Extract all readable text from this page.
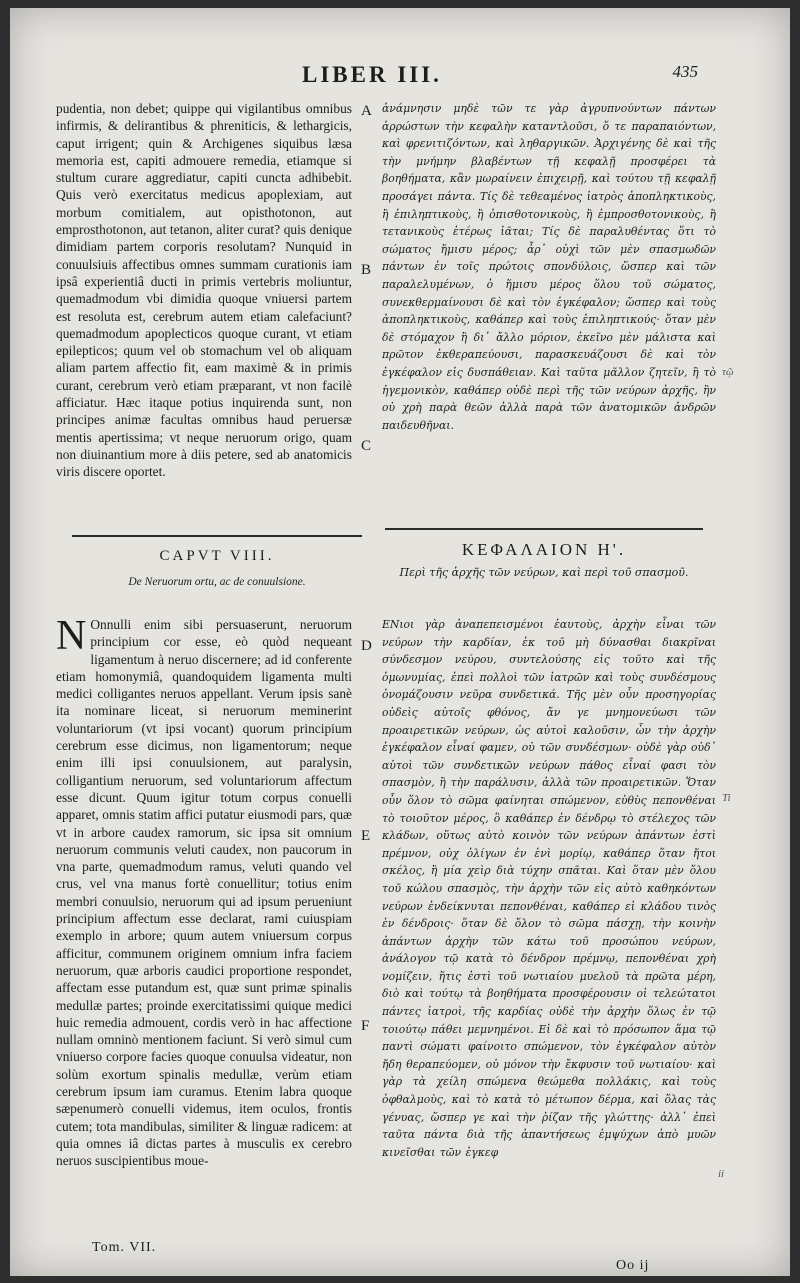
LIBER III.	435

pudentia, non debet; quippe qui vigilantibus omnibus infirmis, & delirantibus & phreniticis, & lethargicis, caput irrigent; quin & Archigenes siquibus læsa memoria est, capiti admouere remedia, etiamque si stultum curare aggrediatur, capiti cuncta adhibebit. Quis verò exercitatus medicus apoplexiam, aut morbum comitialem, aut opisthotonon, aut emprosthotonon, aut tetanon, aliter curat? quis denique dimidiam partem corporis resolutam? Nunquid in conuulsiuis affectibus omnes summam curationis iam ipsâ experientiâ ducti in primis vertebris moliuntur, quemadmodum vbi dimidia quoque vniuersi partem est resoluta est, cerebrum autem etiam calefaciunt? quemadmodum apoplecticos quoque curant, vt etiam epilepticos; quum vel ob stomachum vel ob aliquam aliam partem affectio fit, eam maximè & in primis curant, cerebrum verò etiam præparant, vt non facilè afficiatur. Hæc itaque potius inquirenda sunt, non principes animæ facultas omnibus haud peruersæ mentis apertissima; vt neque neruorum origo, quam non diuinantium more à diis petere, sed ab anatomicis viris discere oportet.

ἀνάμνησιν μηδὲ τῶν τε γὰρ ἀγρυπνούντων πάντων ἀρρώστων τὴν κεφαλὴν καταντλοῦσι, ὅ τε παραπαιόντων, καὶ φρενιτιζόντων, καὶ ληθαργικῶν. Ἀρχιγένης δὲ καὶ τῆς τὴν μνήμην βλαβέντων τῇ κεφαλῇ προσφέρει τὰ βοηθήματα, κἂν μωραίνειν ἐπιχειρῇ, καὶ τούτου τῇ κεφαλῇ προσάγει πάντα. Τίς δὲ τεθεαμένος ἰατρὸς ἀποπληκτικοὺς, ἢ ἐπιληπτικοὺς, ἢ ὀπισθοτονικοὺς, ἢ ἐμπροσθοτονικοὺς, ἢ τετανικοὺς ἑτέρως ἰᾶται; Τίς δὲ παραλυθέντας ὅτι τὸ σώματος ἥμισυ μέρος; ἆρ᾽ οὐχὶ τῶν μὲν σπασμωδῶν πάντων ἐν τοῖς πρώτοις σπονδύλοις, ὥσπερ καὶ τῶν παραλελυμένων, ὁ ἥμισυ μέρος ὅλου τοῦ σώματος, συνεκθερμαίνουσι δὲ καὶ τὸν ἐγκέφαλον; ὥσπερ καὶ τοὺς ἀποπληκτικοὺς, καθάπερ καὶ τοὺς ἐπιληπτικούς· ὅταν μὲν δὲ στόμαχον ἢ δι᾽ ἄλλο μόριον, ἐκεῖνο μὲν μάλιστα καὶ πρῶτον ἐκθεραπεύουσι, παρασκευάζουσι δὲ καὶ τὸν ἐγκέφαλον εἰς δυσπάθειαν. Καὶ ταῦτα μᾶλλον ζητεῖν, ἢ τὸ ἡγεμονικὸν, καθάπερ οὐδὲ περὶ τῆς τῶν νεύρων ἀρχῆς, ἣν οὐ χρὴ παρὰ θεῶν ἀλλὰ παρὰ τῶν ἀνατομικῶν ἀνδρῶν παιδευθῆναι.

A
B
C
D
E
F
τῷ
Ti
ii
CAPVT VIII.
De Neruorum ortu, ac de conuulsione.
ΚΕΦΑΛΑΙΟΝ Η'.
Περὶ τῆς ἀρχῆς τῶν νεύρων, καὶ περὶ τοῦ σπασμοῦ.

N Onnulli enim sibi persuaserunt, neruorum principium cor esse, eò quòd nequeant ligamentum à neruo discernere; ad id conferente etiam homonymiâ, quandoquidem ligamenta multi medici colligantes neruos appellant. Verum ipsis sanè ita nominare liceat, si neruorum meminerint voluntariorum (vt ipsi vocant) quorum principium cerebrum esse dicimus, non ligamentorum; neque enim illi ipsi conuulsionem, aut paralysin, colligantium neruorum, sed voluntariorum affectum esse dicunt. Quum igitur totum corpus conuelli apparet, omnis statim affici putatur eiusmodi pars, quæ vt in arbore caudex ramorum, sic ipsa sit omnium neruorum communis veluti caudex, non paucorum in vna parte, quemadmodum ramus, veluti quando vel crus, vel vna manus fortè conuellitur; totius enim membri conuulsio, neruorum qui ad ipsum perueniunt principium affectum esse declarat, rami cuiuspiam exemplo in arbore; quum autem vniuersum corpus afficitur, communem originem omnium infra faciem neruorum, quæ arboris caudici proportione respondet, affectam esse putandum est, quæ sunt primæ spinalis medullæ partes; proinde exercitatissimi quique medici huic remedia admouent, cordis verò in hac affectione nullam omninò mentionem faciunt. Si verò simul cum vniuerso corpore facies quoque conuulsa videatur, non solùm exortum spinalis medullæ, verùm etiam cerebrum ipsum iam curamus. Etenim labra quoque sæpenumerò conuelli videmus, item oculos, frontis cutem; tota mandibulas, similiter & linguæ radicem: at quia omnes iâ dictas partes à musculis ex cerebro neruos suscipientibus moue-

ΕΝιοι γὰρ ἀναπεπεισμένοι ἑαυτοὺς, ἀρχὴν εἶναι τῶν νεύρων τὴν καρδίαν, ἐκ τοῦ μὴ δύνασθαι διακρῖναι σύνδεσμον νεύρου, συντελούσης εἰς τοῦτο καὶ τῆς ὁμωνυμίας, ἐπεὶ πολλοὶ τῶν ἰατρῶν καὶ τοὺς συνδέσμους ὀνομάζουσιν νεῦρα συνδετικά. Τῆς μὲν οὖν προσηγορίας οὐδεὶς αὐτοῖς φθόνος, ἄν γε μνημονεύωσι τῶν προαιρετικῶν νεύρων, ὡς αὐτοὶ καλοῦσιν, ὧν τὴν ἀρχὴν ἐγκέφαλον εἶναί φαμεν, οὐ τῶν συνδέσμων· οὐδὲ γὰρ οὐδ᾽ αὐτοὶ τῶν συνδετικῶν νεύρων πάθος εἶναί φασι τὸν σπασμὸν, ἢ τὴν παράλυσιν, ἀλλὰ τῶν προαιρετικῶν. Ὅταν οὖν ὅλον τὸ σῶμα φαίνηται σπώμενον, εὐθὺς πεπονθέναι τὸ τοιοῦτον μέρος, ὃ καθάπερ ἐν δένδρῳ τὸ στέλεχος τῶν κλάδων, οὕτως αὐτὸ κοινὸν τῶν νεύρων ἁπάντων ἐστὶ πρέμνον, οὐχ ὀλίγων ἐν ἑνὶ μορίῳ, καθάπερ ὅταν ἤτοι σκέλος, ἢ μία χεὶρ διὰ τύχην σπᾶται. Καὶ ὅταν μὲν ὅλου τοῦ κώλου σπασμὸς, τὴν ἀρχὴν τῶν εἰς αὐτὸ καθηκόντων νεύρων ἐνδείκνυται πεπονθέναι, καθάπερ εἰ κλάδου τινὸς ἐν δένδροις· ὅταν δὲ ὅλον τὸ σῶμα πάσχῃ, τὴν κοινὴν ἀπάντων ἀρχὴν τῶν κάτω τοῦ προσώπου νεύρων, ἀνάλογον τῷ κατὰ τὸ δένδρον πρέμνῳ, πεπονθέναι χρὴ νομίζειν, ἥτις ἐστὶ τοῦ νωτιαίου μυελοῦ τὰ πρῶτα μέρη, διὸ καὶ τούτῳ τὰ βοηθήματα προσφέρουσιν οἱ τελεώτατοι πάντες ἰατροὶ, τῆς καρδίας οὐδὲ τὴν ἀρχὴν ὅλως ἐν τῷ τοιούτῳ πάθει μεμνημένοι. Εἰ δὲ καὶ τὸ πρόσωπον ἅμα τῷ παντὶ σώματι φαίνοιτο σπώμενον, τὸν ἐγκέφαλον αὐτὸν ἤδη θεραπεύομεν, οὐ μόνον τὴν ἔκφυσιν τοῦ νωτιαίου· καὶ γὰρ τὰ χείλη σπώμενα θεώμεθα πολλάκις, καὶ τοὺς ὀφθαλμοὺς, καὶ τὸ κατὰ τὸ μέτωπον δέρμα, καὶ ὅλας τὰς γένυας, ὥσπερ γε καὶ τὴν ῥίζαν τῆς γλώττης· ἀλλ᾽ ἐπεὶ ταῦτα πάντα διὰ τῆς ἀπαντήσεως ἐμψύχων ἀπὸ μυῶν κινεῖσθαι τῶν ἐγκεφ

Tom. VII.
Oo ij
